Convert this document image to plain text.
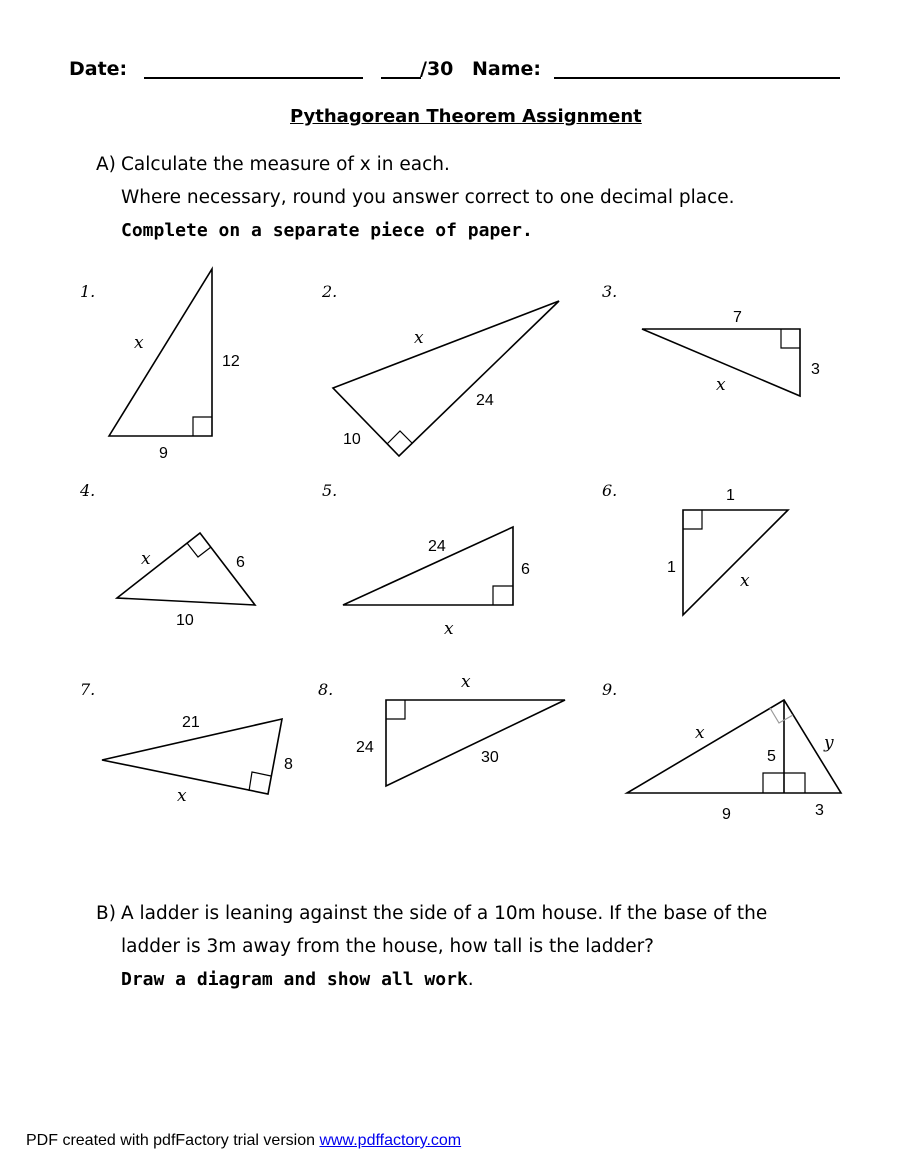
Date:	/30 Name:
Pythagorean Theorem Assignment
A) Calculate the measure of x in each.
Where necessary, round you answer correct to one decimal place.
Complete on a separate piece of paper.
1.
x
12
9
2.
x
24
10
3.
7
3
x
4.
x	6
10
5.
24
6
x
6.	1
1
x
7.
21
8
x
8.	x
24
30
9.
x	y
5
9	3
B) A ladder is leaning against the side of a 10m house. If the base of the
ladder is 3m away from the house, how tall is the ladder?
Draw a diagram and show all work.
PDF created with pdfFactory trial version www.pdffactory.com
